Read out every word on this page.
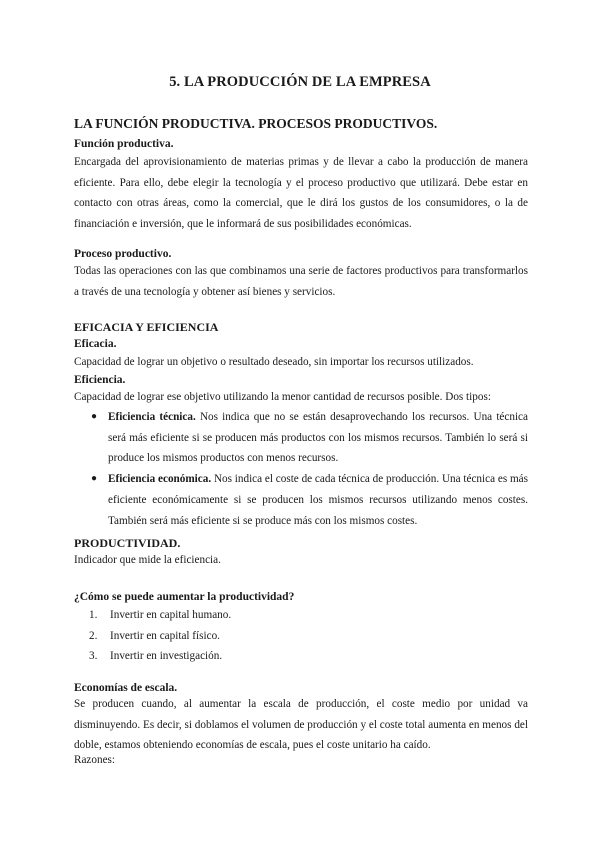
5. LA PRODUCCIÓN DE LA EMPRESA
LA FUNCIÓN PRODUCTIVA. PROCESOS PRODUCTIVOS.
Función productiva.
Encargada del aprovisionamiento de materias primas y de llevar a cabo la producción de manera eficiente. Para ello, debe elegir la tecnología y el proceso productivo que utilizará. Debe estar en contacto con otras áreas, como la comercial, que le dirá los gustos de los consumidores, o la de financiación e inversión, que le informará de sus posibilidades económicas.
Proceso productivo.
Todas las operaciones con las que combinamos una serie de factores productivos para transformarlos a través de una tecnología y obtener así bienes y servicios.
EFICACIA Y EFICIENCIA
Eficacia.
Capacidad de lograr un objetivo o resultado deseado, sin importar los recursos utilizados.
Eficiencia.
Capacidad de lograr ese objetivo utilizando la menor cantidad de recursos posible. Dos tipos:
● Eficiencia técnica. Nos indica que no se están desaprovechando los recursos. Una técnica será más eficiente si se producen más productos con los mismos recursos. También lo será si produce los mismos productos con menos recursos.
● Eficiencia económica. Nos indica el coste de cada técnica de producción. Una técnica es más eficiente económicamente si se producen los mismos recursos utilizando menos costes. También será más eficiente si se produce más con los mismos costes.
PRODUCTIVIDAD.
Indicador que mide la eficiencia.
¿Cómo se puede aumentar la productividad?
1. Invertir en capital humano.
2. Invertir en capital físico.
3. Invertir en investigación.
Economías de escala.
Se producen cuando, al aumentar la escala de producción, el coste medio por unidad va disminuyendo. Es decir, si doblamos el volumen de producción y el coste total aumenta en menos del doble, estamos obteniendo economías de escala, pues el coste unitario ha caído.
Razones:
